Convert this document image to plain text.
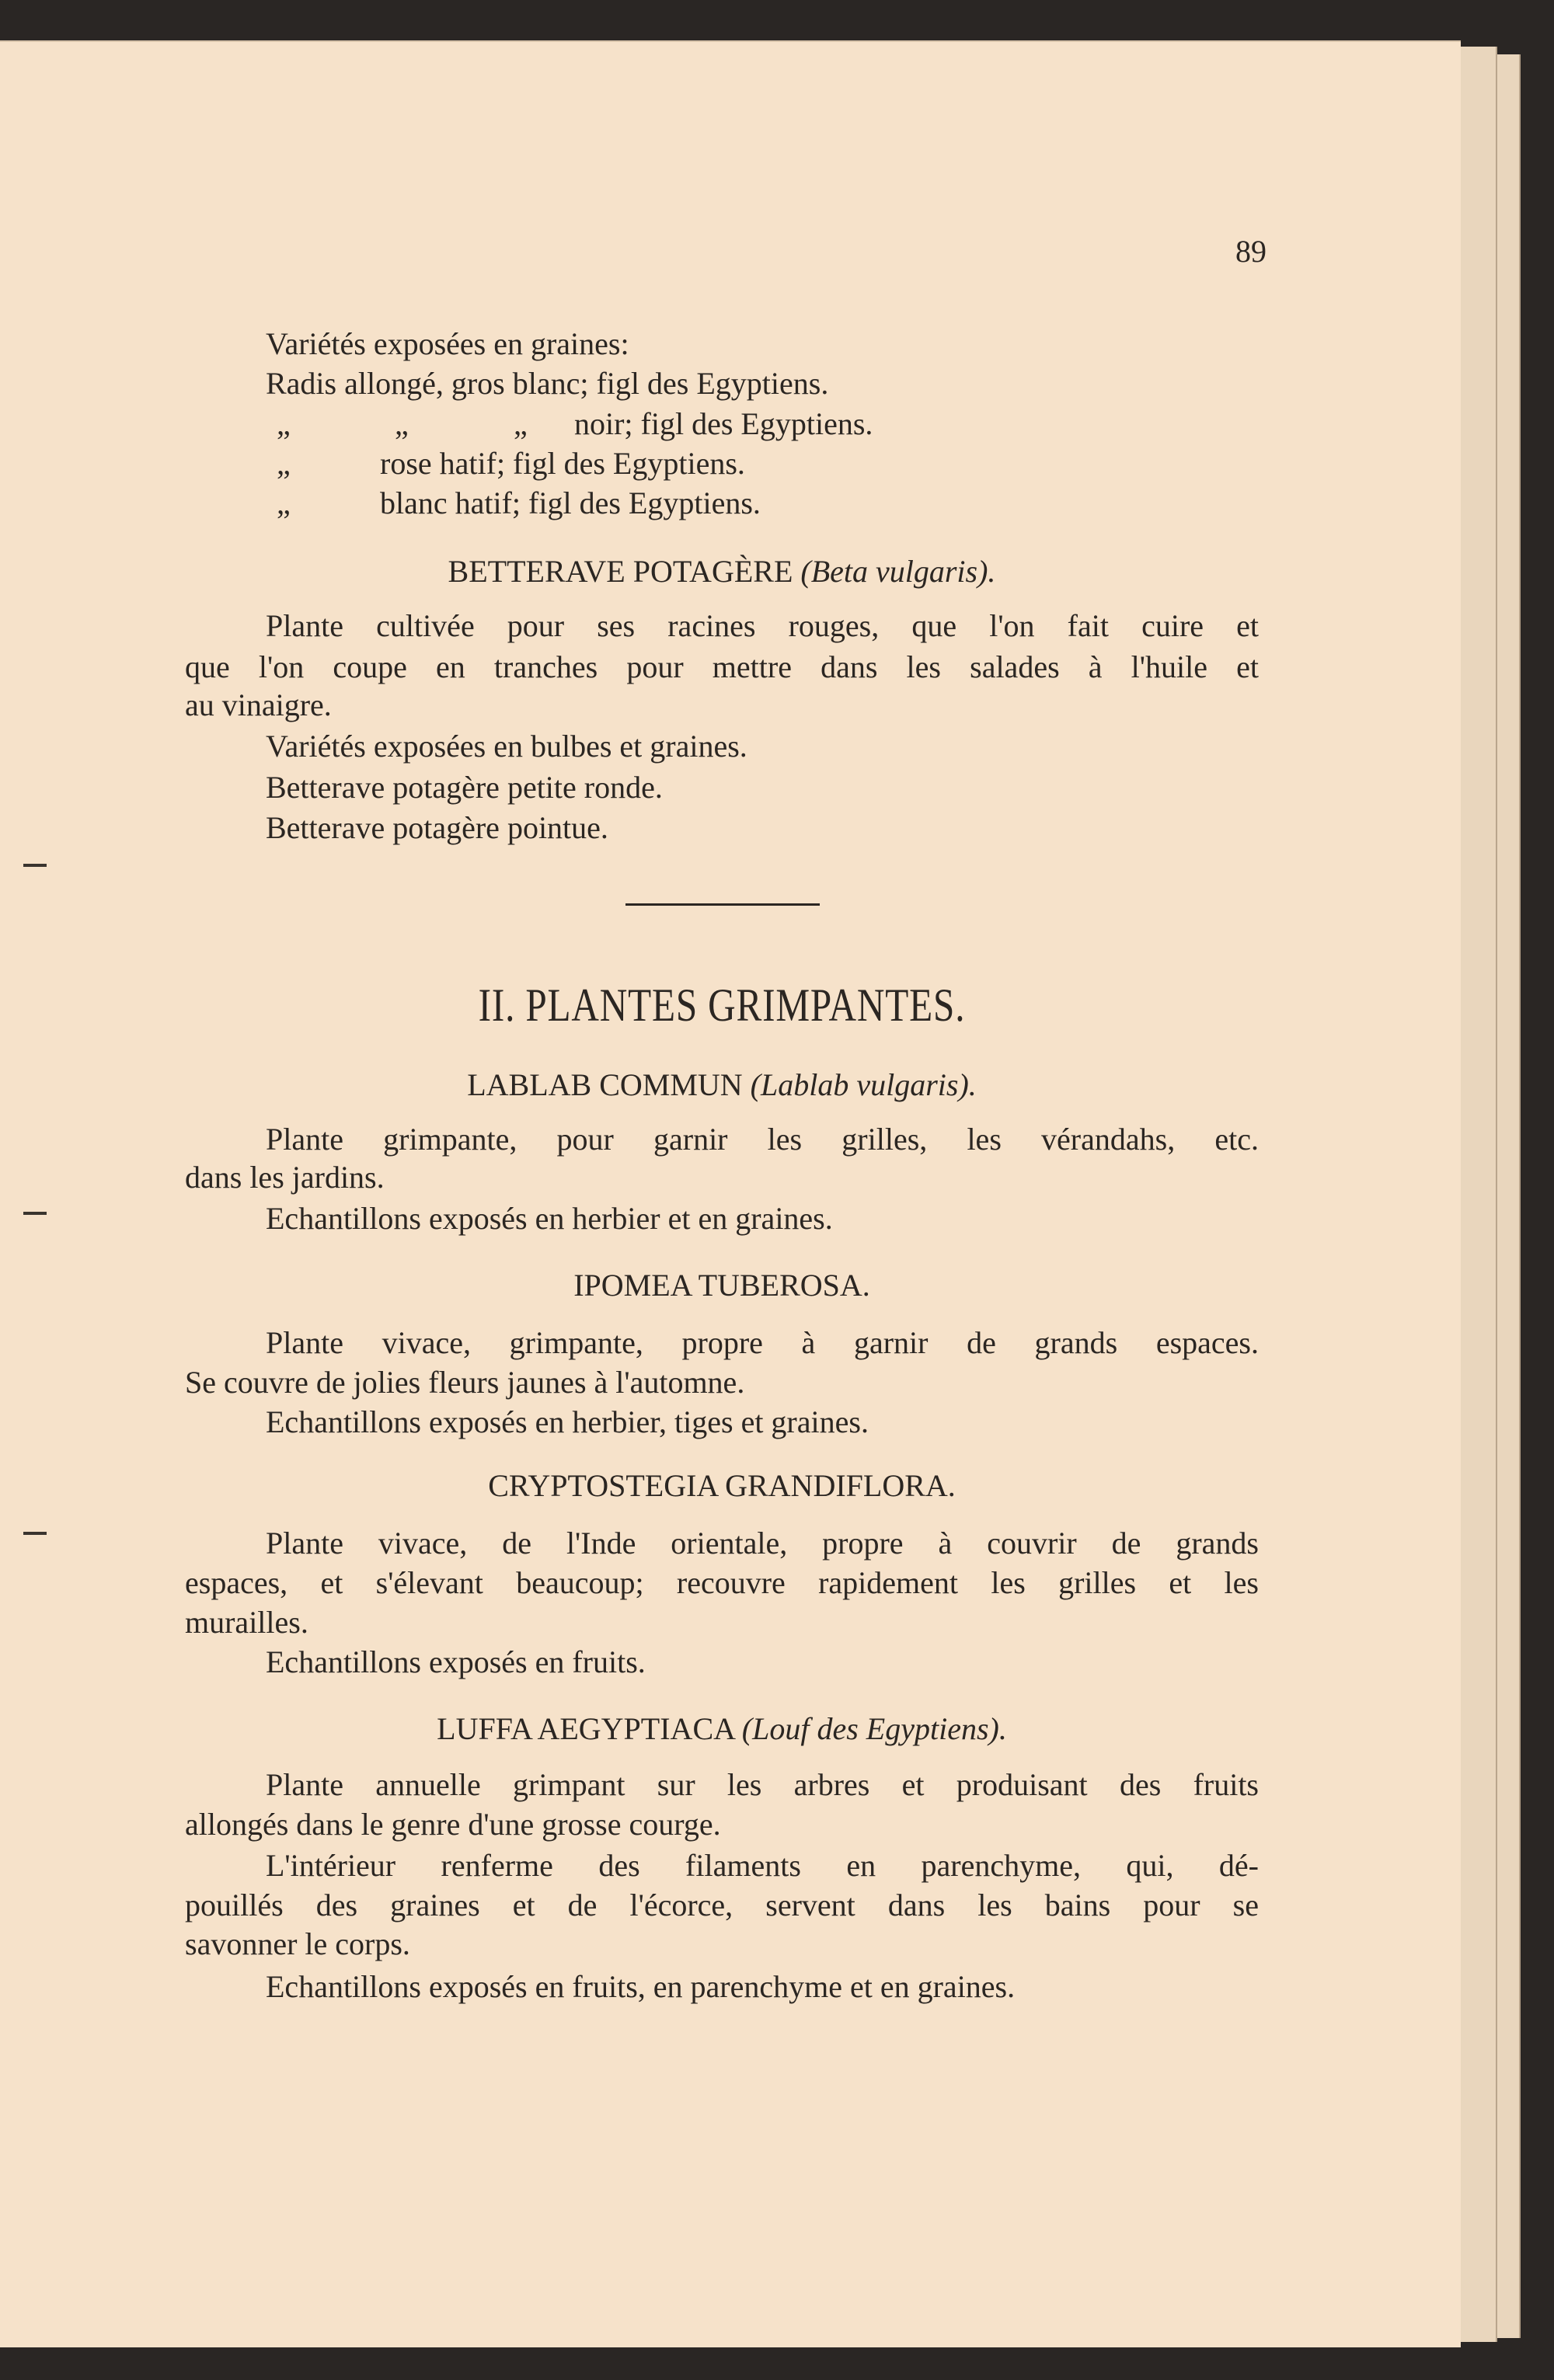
89
Variétés exposées en graines:
Radis allongé, gros blanc; figl des Egyptiens.
„	„	„ noir; figl des Egyptiens.
„	rose hatif; figl des Egyptiens.
„	blanc hatif; figl des Egyptiens.
BETTERAVE POTAGÈRE (Beta vulgaris).
Plante cultivée pour ses racines rouges, que l'on fait cuire et
que l'on coupe en tranches pour mettre dans les salades à l'huile et
au vinaigre.
Variétés exposées en bulbes et graines.
Betterave potagère petite ronde.
Betterave potagère pointue.
II. PLANTES GRIMPANTES.
LABLAB COMMUN (Lablab vulgaris).
Plante grimpante, pour garnir les grilles, les vérandahs, etc.
dans les jardins.
Echantillons exposés en herbier et en graines.
IPOMEA TUBEROSA.
Plante vivace, grimpante, propre à garnir de grands espaces.
Se couvre de jolies fleurs jaunes à l'automne.
Echantillons exposés en herbier, tiges et graines.
CRYPTOSTEGIA GRANDIFLORA.
Plante vivace, de l'Inde orientale, propre à couvrir de grands
espaces, et s'élevant beaucoup; recouvre rapidement les grilles et les
murailles.
Echantillons exposés en fruits.
LUFFA AEGYPTIACA (Louf des Egyptiens).
Plante annuelle grimpant sur les arbres et produisant des fruits
allongés dans le genre d'une grosse courge.
L'intérieur renferme des filaments en parenchyme, qui, dé-
pouillés des graines et de l'écorce, servent dans les bains pour se
savonner le corps.
Echantillons exposés en fruits, en parenchyme et en graines.
